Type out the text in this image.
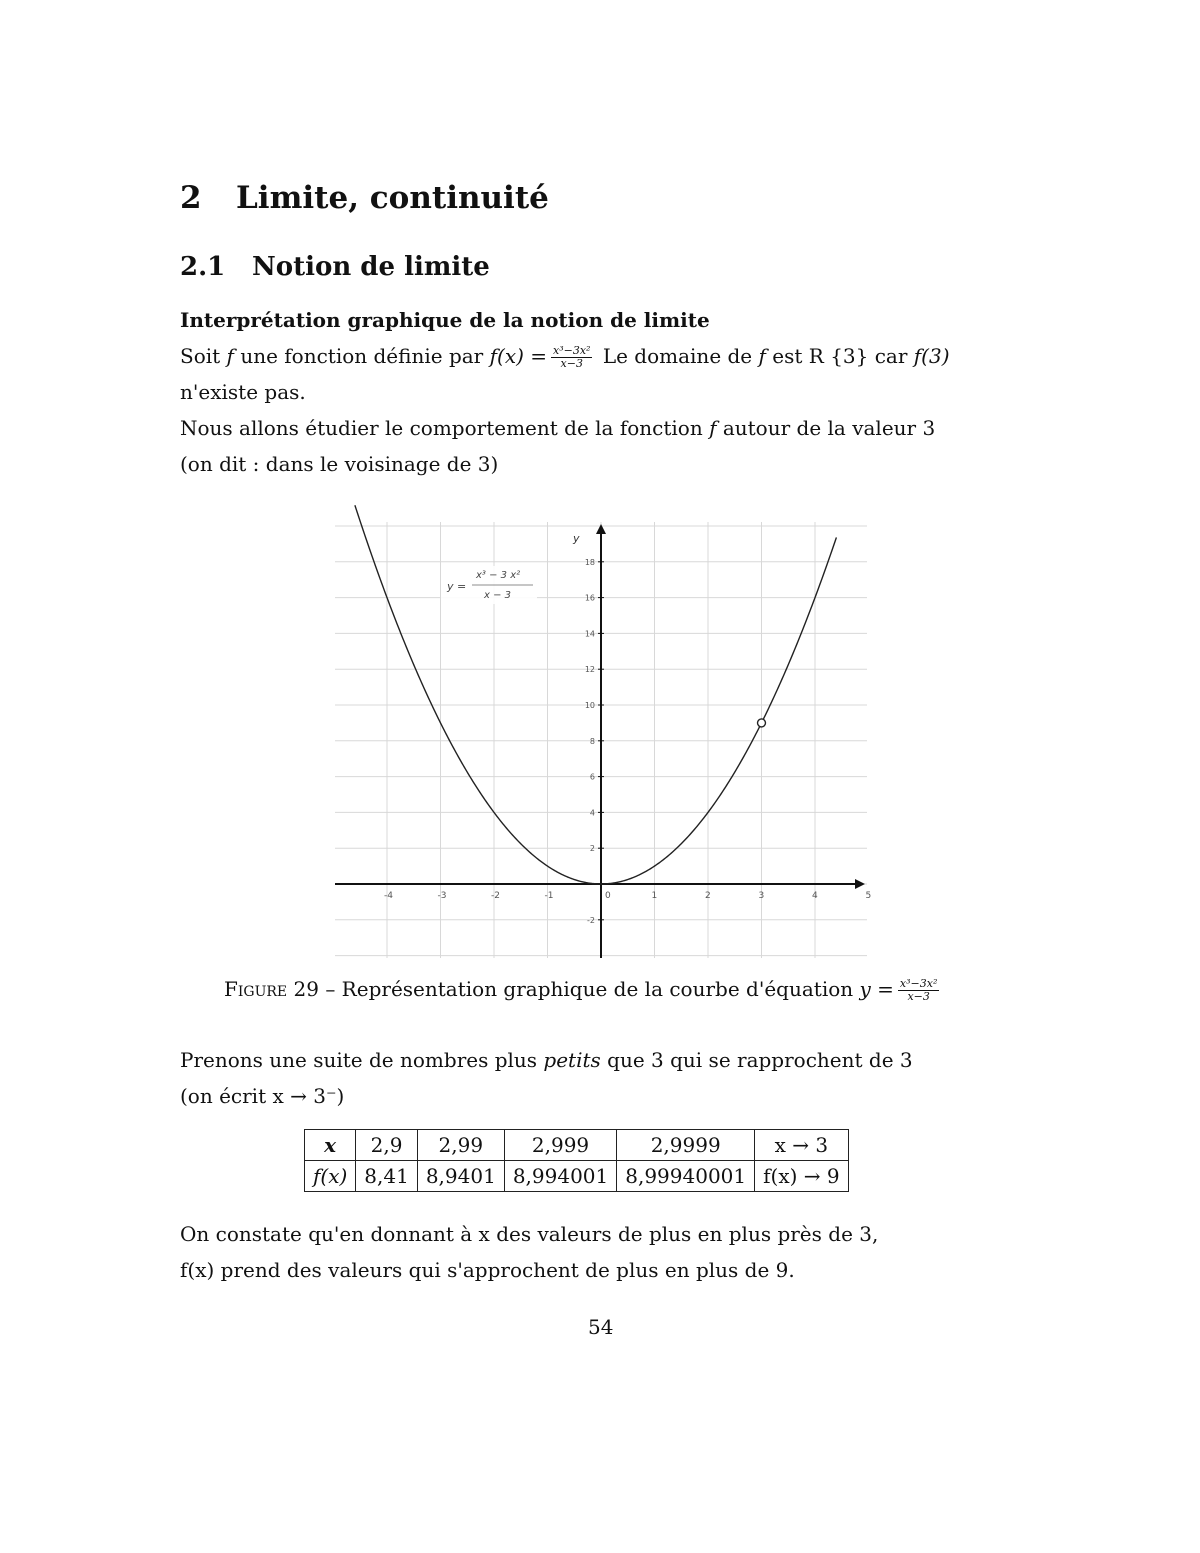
2 Limite, continuité
2.1 Notion de limite
Interprétation graphique de la notion de limite
Soit f une fonction définie par $f(x) = \frac{\text{x³−3x²}}{x-3}$ Le domaine de f est R {3} car f(3)
n'existe pas.
Nous allons étudier le comportement de la fonction f autour de la valeur 3
(on dit : dans le voisinage de 3)
y
-4	-3	-2	-1	0	1	2	3	4	5
-2
2
4
6
8
10
12
14
16
18
y =
x³ − 3 x²
x − 3
Figure 29 – Représentation graphique de la courbe d'équation $y = \frac{\text{x³−3x²}}{x-3}$
Prenons une suite de nombres plus petits que 3 qui se rapprochent de 3
(on écrit x → 3⁻)
x	2,9	2,99	2,999	2,9999	x → 3
f(x)	8,41	8,9401	8,994001	8,99940001	f(x) → 9
On constate qu'en donnant à x des valeurs de plus en plus près de 3,
f(x) prend des valeurs qui s'approchent de plus en plus de 9.
54
